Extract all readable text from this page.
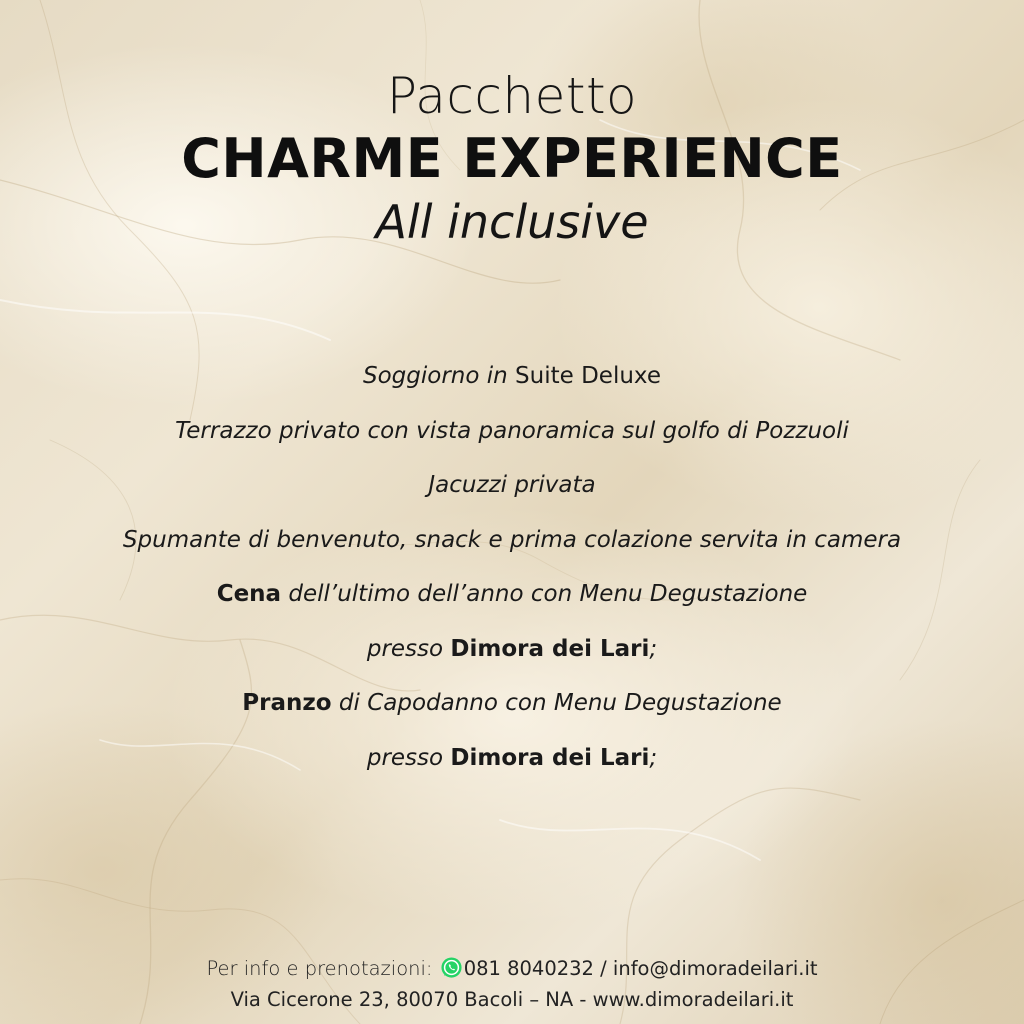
Pacchetto
CHARME EXPERIENCE
All inclusive
Soggiorno in Suite Deluxe
Terrazzo privato con vista panoramica sul golfo di Pozzuoli
Jacuzzi privata
Spumante di benvenuto, snack e prima colazione servita in camera
Cena dell’ultimo dell’anno con Menu Degustazione
presso Dimora dei Lari;
Pranzo di Capodanno con Menu Degustazione
presso Dimora dei Lari;
Per info e prenotazioni: 081 8040232 / info@dimoradeilari.it
Via Cicerone 23, 80070 Bacoli – NA - www.dimoradeilari.it
